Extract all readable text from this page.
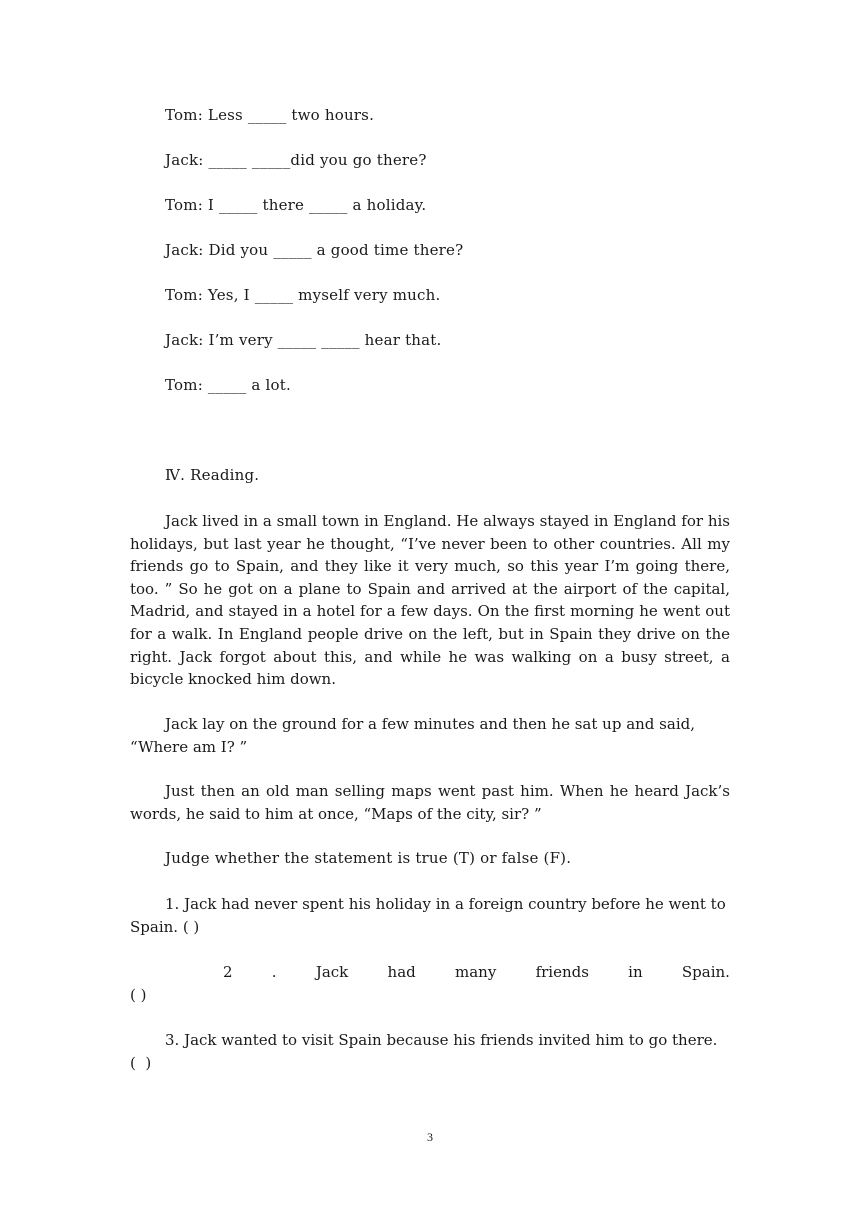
Tom: Less _____ two hours.
Jack: _____ _____did you go there?
Tom: I _____ there _____ a holiday.
Jack: Did you _____ a good time there?
Tom: Yes, I _____ myself very much.
Jack: I’m very _____ _____ hear that.
Tom: _____ a lot.
Ⅳ. Reading.
Jack lived in a small town in England. He always stayed in England for his holidays, but last year he thought, “I’ve never been to other countries. All my friends go to Spain, and they like it very much, so this year I’m going there, too. ” So he got on a plane to Spain and arrived at the airport of the capital, Madrid, and stayed in a hotel for a few days. On the first morning he went out for a walk. In England people drive on the left, but in Spain they drive on the right. Jack forgot about this, and while he was walking on a busy street, a bicycle knocked him down.
Jack lay on the ground for a few minutes and then he sat up and said, “Where am I? ”
Just then an old man selling maps went past him. When he heard Jack’s words, he said to him at once, “Maps of the city, sir? ”
Judge whether the statement is true (T) or false (F).
1. Jack had never spent his holiday in a foreign country before he went to Spain. ( )
2	.	Jack	had	many	friends	in	Spain.
( )
3. Jack wanted to visit Spain because his friends invited him to go there.                      (  )
3
